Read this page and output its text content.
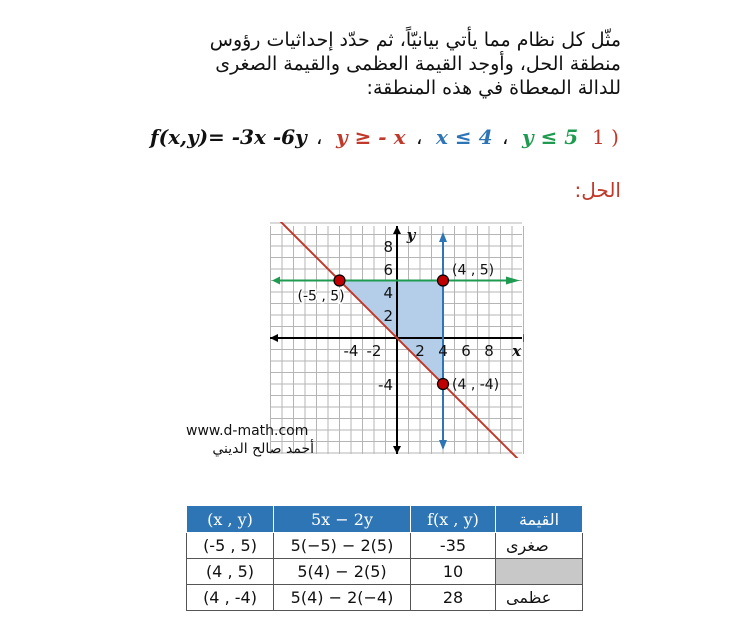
مثّل كل نظام مما يأتي بيانيّاً، ثم حدّد إحداثيات رؤوس
منطقة الحل، وأوجد القيمة العظمى والقيمة الصغرى
للدالة المعطاة في هذه المنطقة:
f(x,y)= -3x -6y ، y ≥ - x ، x ≤ 4 ، y ≤ 5 1 )
الحل:
-4 -2 2 4 6 8
8
6
4
2
-4
x
y
(-5 , 5)
(4 , 5)
(4 , -4)
www.d-math.com
أحمد صالح الديني
(x , y)	5x − 2y	f(x , y)	القيمة
(-5 , 5)	5(−5) − 2(5)	-35	صغرى
(4 , 5)	5(4) − 2(5)	10	
(4 , -4)	5(4) − 2(−4)	28	عظمى
